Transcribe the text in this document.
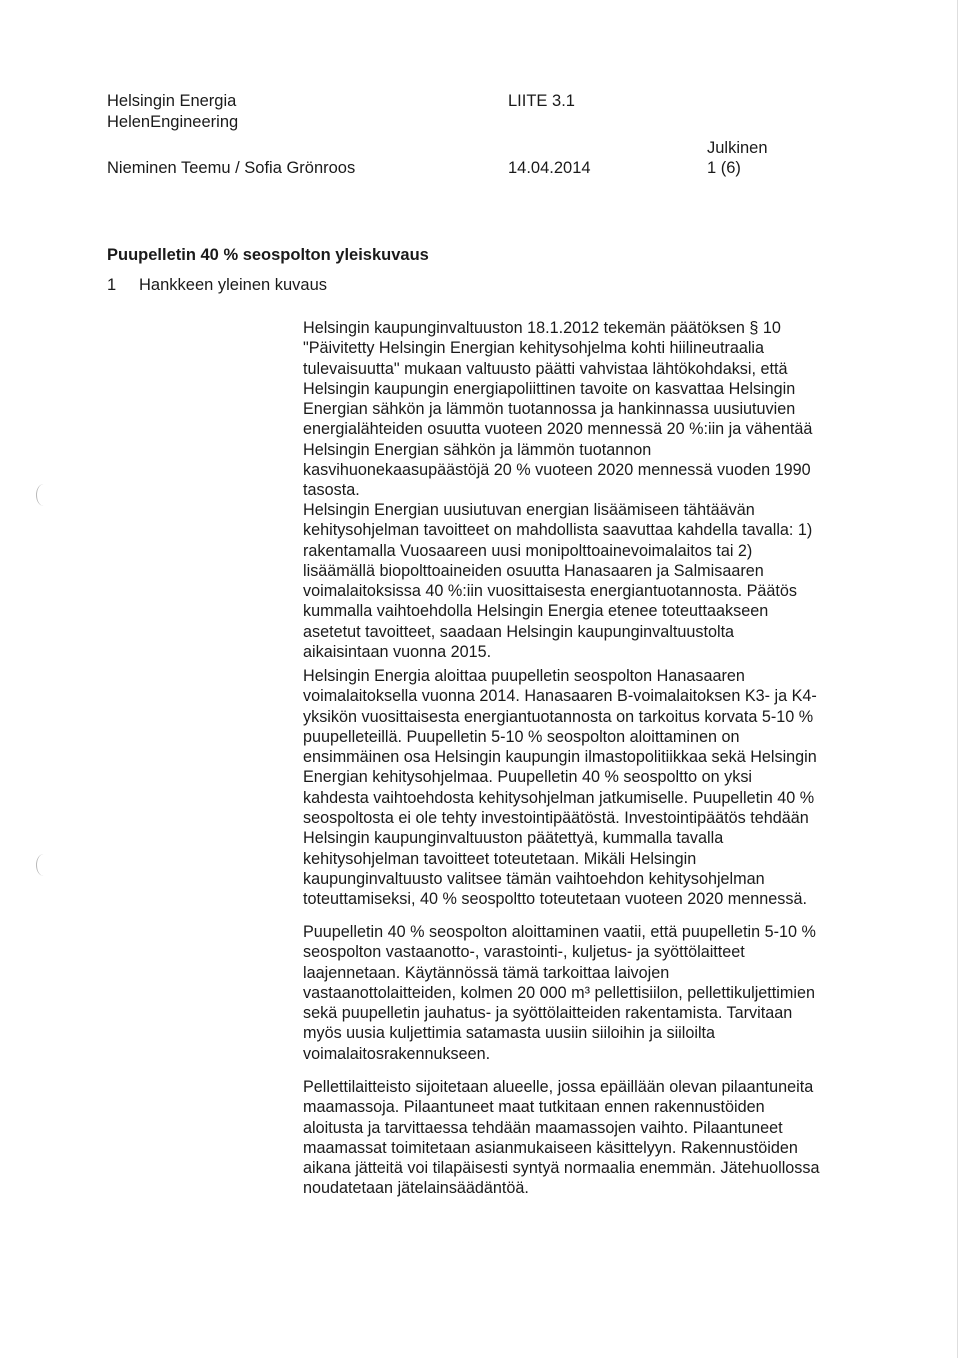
Helsingin Energia
HelenEngineering
LIITE 3.1
Julkinen
Nieminen Teemu / Sofia Grönroos	14.04.2014	1 (6)
Puupelletin 40 % seospolton yleiskuvaus
1 Hankkeen yleinen kuvaus

Helsingin kaupunginvaltuuston 18.1.2012 tekemän päätöksen § 10

"Päivitetty Helsingin Energian kehitysohjelma kohti hiilineutraalia

tulevaisuutta" mukaan valtuusto päätti vahvistaa lähtökohdaksi, että

Helsingin kaupungin energiapoliittinen tavoite on kasvattaa Helsingin

Energian sähkön ja lämmön tuotannossa ja hankinnassa uusiutuvien

energialähteiden osuutta vuoteen 2020 mennessä 20 %:iin ja vähentää

Helsingin Energian sähkön ja lämmön tuotannon

kasvihuonekaasupäästöjä 20 % vuoteen 2020 mennessä vuoden 1990

tasosta.

Helsingin Energian uusiutuvan energian lisäämiseen tähtäävän

kehitysohjelman tavoitteet on mahdollista saavuttaa kahdella tavalla: 1)

rakentamalla Vuosaareen uusi monipolttoainevoimalaitos tai 2)

lisäämällä biopolttoaineiden osuutta Hanasaaren ja Salmisaaren

voimalaitoksissa 40 %:iin vuosittaisesta energiantuotannosta. Päätös

kummalla vaihtoehdolla Helsingin Energia etenee toteuttaakseen

asetetut tavoitteet, saadaan Helsingin kaupunginvaltuustolta

aikaisintaan vuonna 2015.

Helsingin Energia aloittaa puupelletin seospolton Hanasaaren

voimalaitoksella vuonna 2014. Hanasaaren B-voimalaitoksen K3- ja K4-

yksikön vuosittaisesta energiantuotannosta on tarkoitus korvata 5-10 %

puupelleteillä. Puupelletin 5-10 % seospolton aloittaminen on

ensimmäinen osa Helsingin kaupungin ilmastopolitiikkaa sekä Helsingin

Energian kehitysohjelmaa. Puupelletin 40 % seospoltto on yksi

kahdesta vaihtoehdosta kehitysohjelman jatkumiselle. Puupelletin 40 %

seospoltosta ei ole tehty investointipäätöstä. Investointipäätös tehdään

Helsingin kaupunginvaltuuston päätettyä, kummalla tavalla

kehitysohjelman tavoitteet toteutetaan. Mikäli Helsingin

kaupunginvaltuusto valitsee tämän vaihtoehdon kehitysohjelman

toteuttamiseksi, 40 % seospoltto toteutetaan vuoteen 2020 mennessä.

Puupelletin 40 % seospolton aloittaminen vaatii, että puupelletin 5-10 %

seospolton vastaanotto-, varastointi-, kuljetus- ja syöttölaitteet

laajennetaan. Käytännössä tämä tarkoittaa laivojen

vastaanottolaitteiden, kolmen 20 000 m³ pellettisiilon, pellettikuljettimien

sekä puupelletin jauhatus- ja syöttölaitteiden rakentamista. Tarvitaan

myös uusia kuljettimia satamasta uusiin siiloihin ja siiloilta

voimalaitosrakennukseen.

Pellettilaitteisto sijoitetaan alueelle, jossa epäillään olevan pilaantuneita

maamassoja. Pilaantuneet maat tutkitaan ennen rakennustöiden

aloitusta ja tarvittaessa tehdään maamassojen vaihto. Pilaantuneet

maamassat toimitetaan asianmukaiseen käsittelyyn. Rakennustöiden

aikana jätteitä voi tilapäisesti syntyä normaalia enemmän. Jätehuollossa

noudatetaan jätelainsäädäntöä.
